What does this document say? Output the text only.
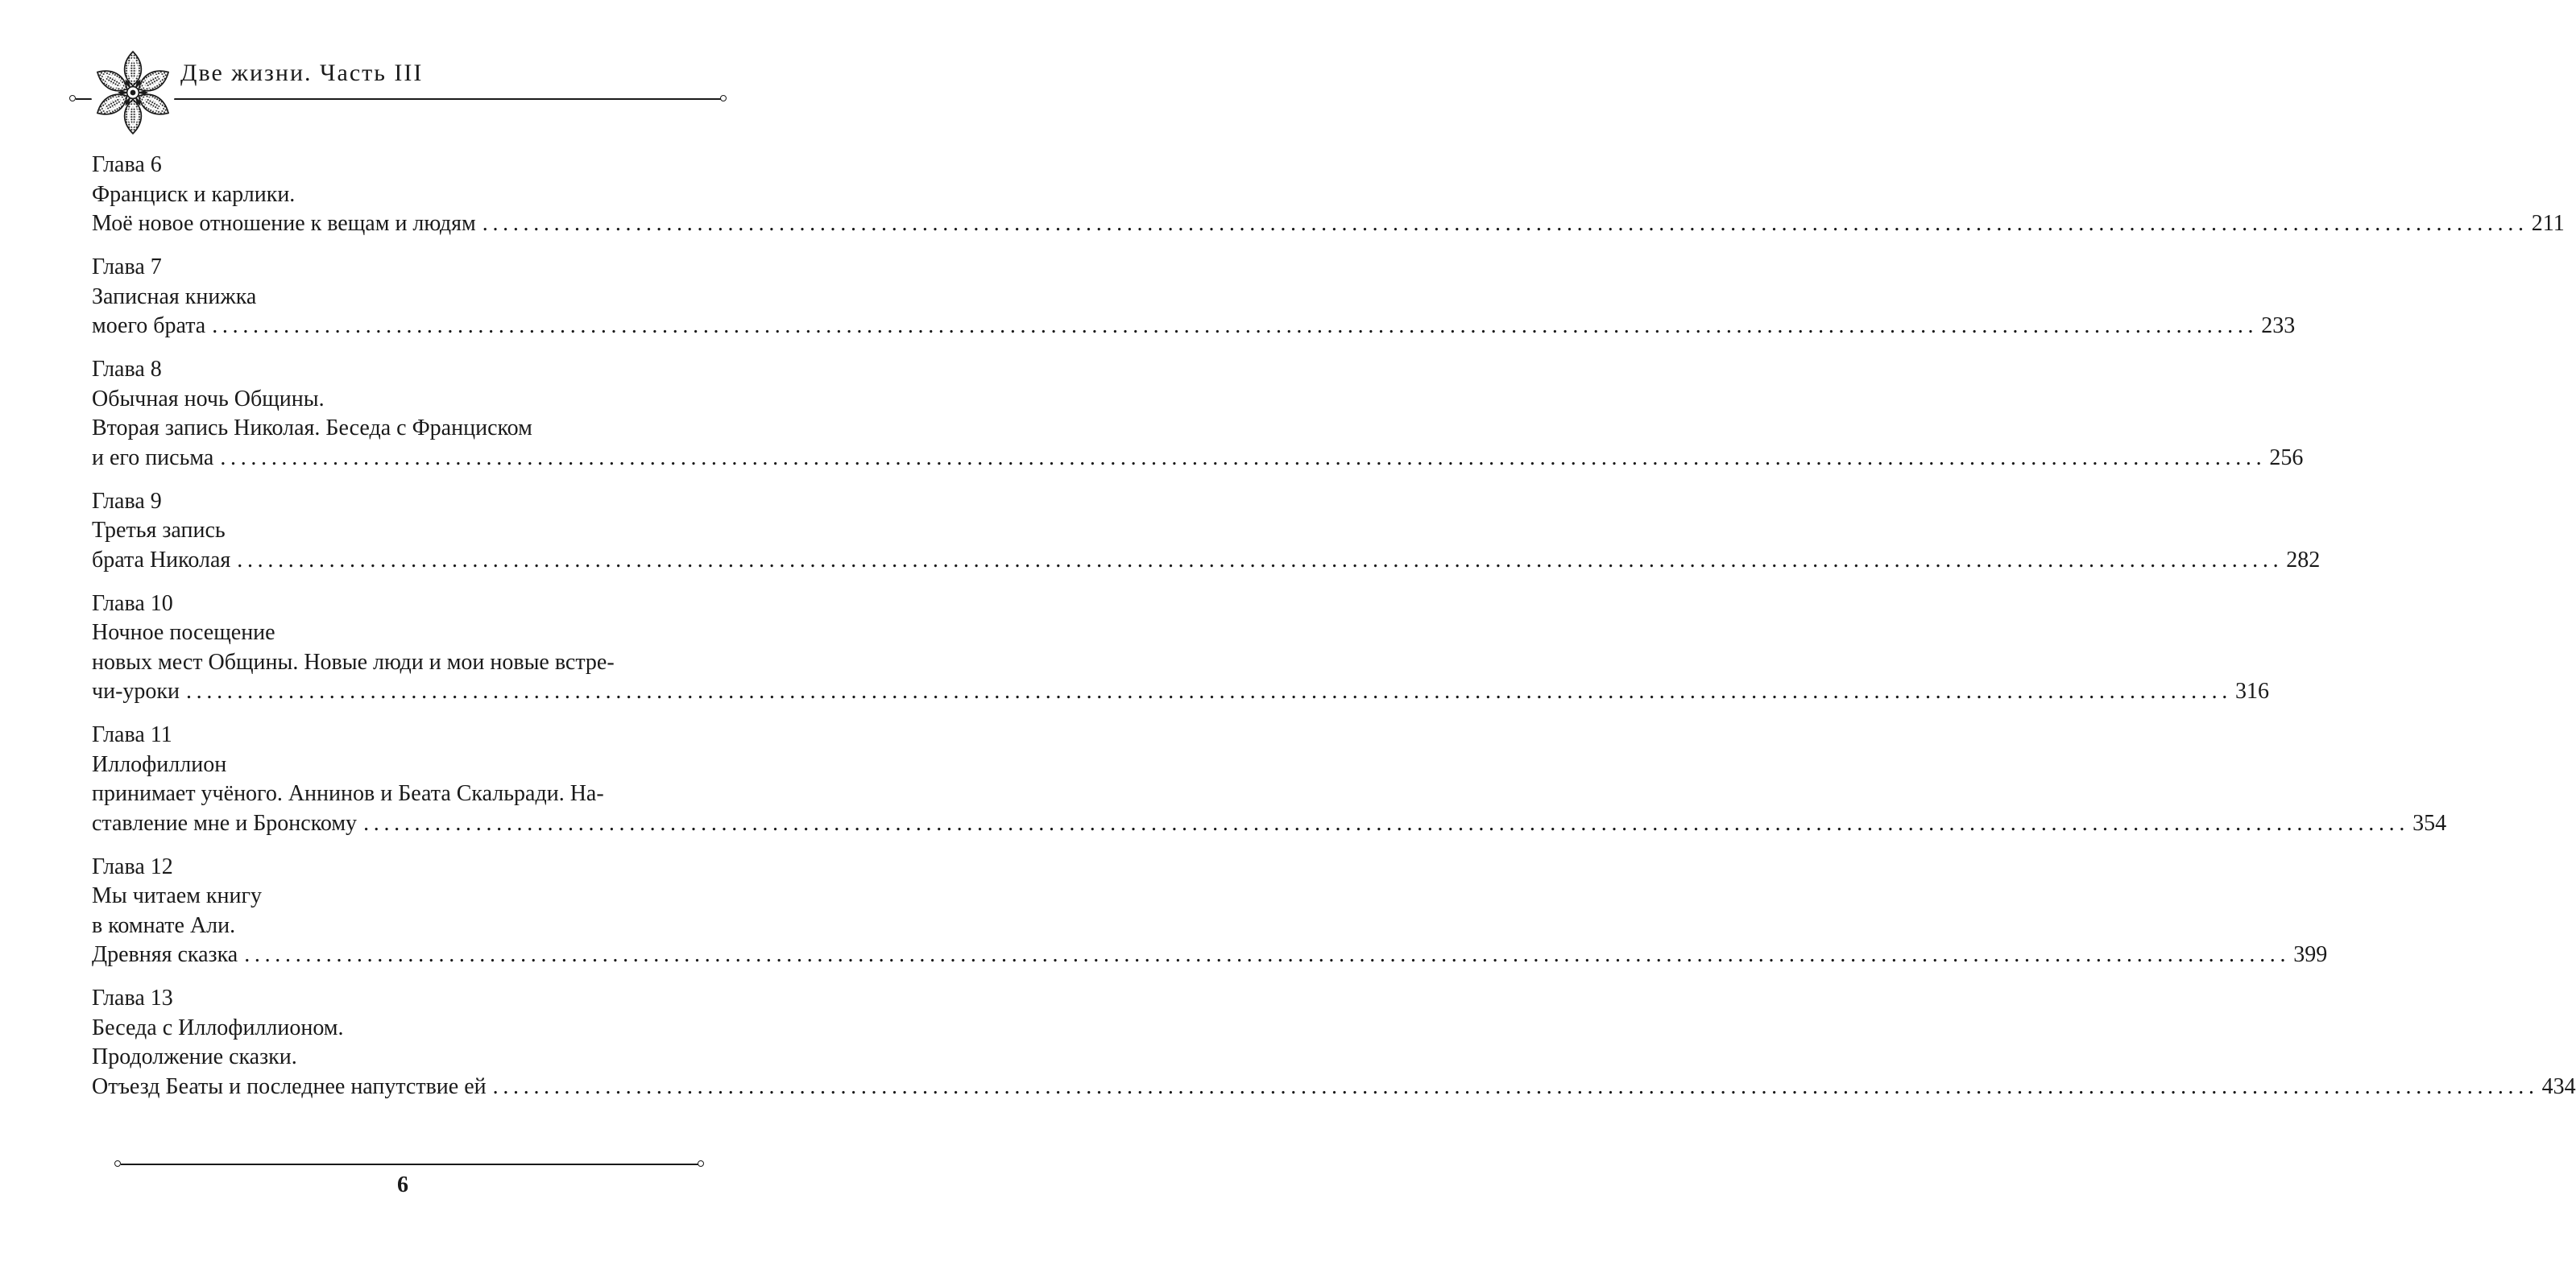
Две жизни. Часть III
Глава 6
Франциск и карлики.
Моё новое отношение к вещам и людям ........................................................................................................................................................................................................ 211
Глава 7
Записная книжка
моего брата ........................................................................................................................................................................................................ 233
Глава 8
Обычная ночь Общины.
Вторая запись Николая. Беседа с Франциском
и его письма ........................................................................................................................................................................................................ 256
Глава 9
Третья запись
брата Николая ........................................................................................................................................................................................................ 282
Глава 10
Ночное посещение
новых мест Общины. Новые люди и мои новые встре-
чи-уроки ........................................................................................................................................................................................................ 316
Глава 11
Иллофиллион
принимает учёного. Аннинов и Беата Скальради. На-
ставление мне и Бронскому ........................................................................................................................................................................................................ 354
Глава 12
Мы читаем книгу
в комнате Али.
Древняя сказка ........................................................................................................................................................................................................ 399
Глава 13
Беседа с Иллофиллионом.
Продолжение сказки.
Отъезд Беаты и последнее напутствие ей ........................................................................................................................................................................................................ 434
6
